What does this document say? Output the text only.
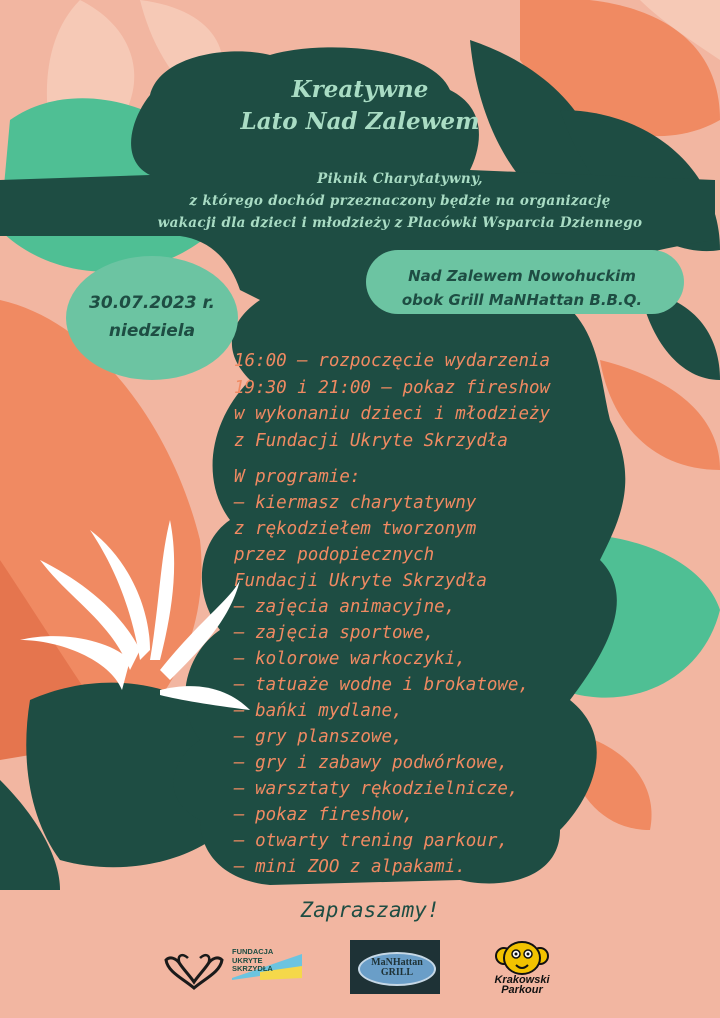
Kreatywne
Lato Nad Zalewem

Piknik Charytatywny,
z którego dochód przeznaczony będzie na organizację
wakacji dla dzieci i młodzieży z Placówki Wsparcia Dziennego

30.07.2023 r.
niedziela

Nad Zalewem Nowohuckim
obok Grill MaNHattan B.B.Q.

16:00 – rozpoczęcie wydarzenia
19:30 i 21:00 – pokaz fireshow
w wykonaniu dzieci i młodzieży
z Fundacji Ukryte Skrzydła
W programie:
– kiermasz charytatywny
z rękodziełem tworzonym
przez podopiecznych
Fundacji Ukryte Skrzydła
– zajęcia animacyjne,
– zajęcia sportowe,
– kolorowe warkoczyki,
– tatuaże wodne i brokatowe,
– bańki mydlane,
– gry planszowe,
– gry i zabawy podwórkowe,
– warsztaty rękodzielnicze,
– pokaz fireshow,
– otwarty trening parkour,
– mini ZOO z alpakami.

Zapraszamy!

FUNDACJA
UKRYTE
SKRZYDŁA
MaNHattan GRILL
Krakowski
Parkour
